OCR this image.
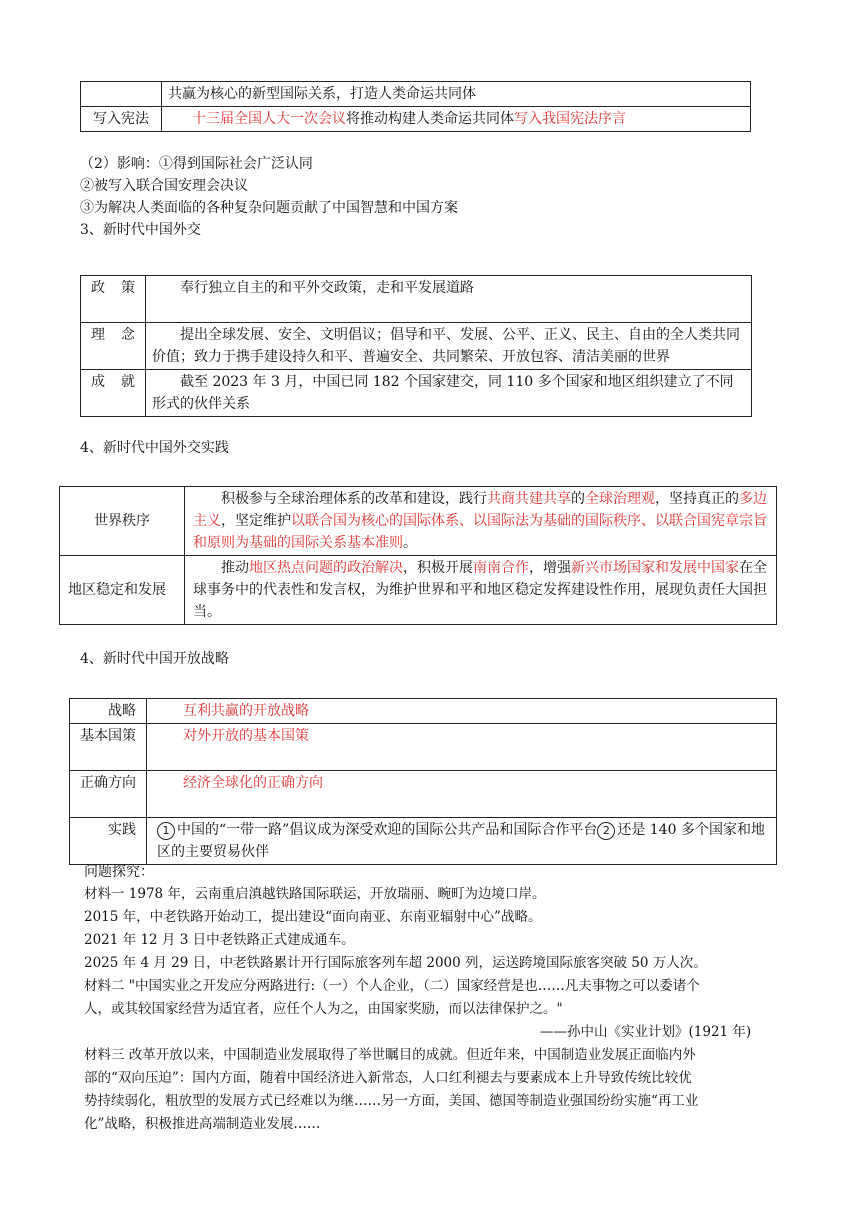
	共赢为核心的新型国际关系，打造人类命运共同体
写入宪法	十三届全国人大一次会议将推动构建人类命运共同体写入我国宪法序言
（2）影响：①得到国际社会广泛认同
②被写入联合国安理会决议
③为解决人类面临的各种复杂问题贡献了中国智慧和中国方案
3、新时代中国外交
政策	奉行独立自主的和平外交政策，走和平发展道路
理念	提出全球发展、安全、文明倡议；倡导和平、发展、公平、正义、民主、自由的全人类共同价值；致力于携手建设持久和平、普遍安全、共同繁荣、开放包容、清洁美丽的世界
成就	截至 2023 年 3 月，中国已同 182 个国家建交，同 110 多个国家和地区组织建立了不同形式的伙伴关系
4、新时代中国外交实践
世界秩序	积极参与全球治理体系的改革和建设，践行共商共建共享的全球治理观，坚持真正的多边主义，坚定维护以联合国为核心的国际体系、以国际法为基础的国际秩序、以联合国宪章宗旨和原则为基础的国际关系基本准则。
地区稳定和发展	推动地区热点问题的政治解决，积极开展南南合作，增强新兴市场国家和发展中国家在全球事务中的代表性和发言权，为维护世界和平和地区稳定发挥建设性作用，展现负责任大国担当。
4、新时代中国开放战略
战略	互利共赢的开放战略
基本国策	对外开放的基本国策
正确方向	经济全球化的正确方向
实践	1 中国的“一带一路”倡议成为深受欢迎的国际公共产品和国际合作平台 2 还是 140 多个国家和地区的主要贸易伙伴
问题探究：
材料一 1978 年，云南重启滇越铁路国际联运，开放瑞丽、畹町为边境口岸。
2015 年，中老铁路开始动工，提出建设“面向南亚、东南亚辐射中心”战略。
2021 年 12 月 3 日中老铁路正式建成通车。
2025 年 4 月 29 日，中老铁路累计开行国际旅客列车超 2000 列，运送跨境国际旅客突破 50 万人次。
材料二 "中国实业之开发应分两路进行:（一）个人企业，（二）国家经营是也……凡夫事物之可以委诸个
人，或其较国家经营为适宜者，应任个人为之，由国家奖励，而以法律保护之。"
——孙中山《实业计划》(1921 年)
材料三 改革开放以来，中国制造业发展取得了举世瞩目的成就。但近年来，中国制造业发展正面临内外
部的“双向压迫”：国内方面，随着中国经济进入新常态，人口红利褪去与要素成本上升导致传统比较优
势持续弱化，粗放型的发展方式已经难以为继……另一方面，美国、德国等制造业强国纷纷实施“再工业
化”战略，积极推进高端制造业发展……
